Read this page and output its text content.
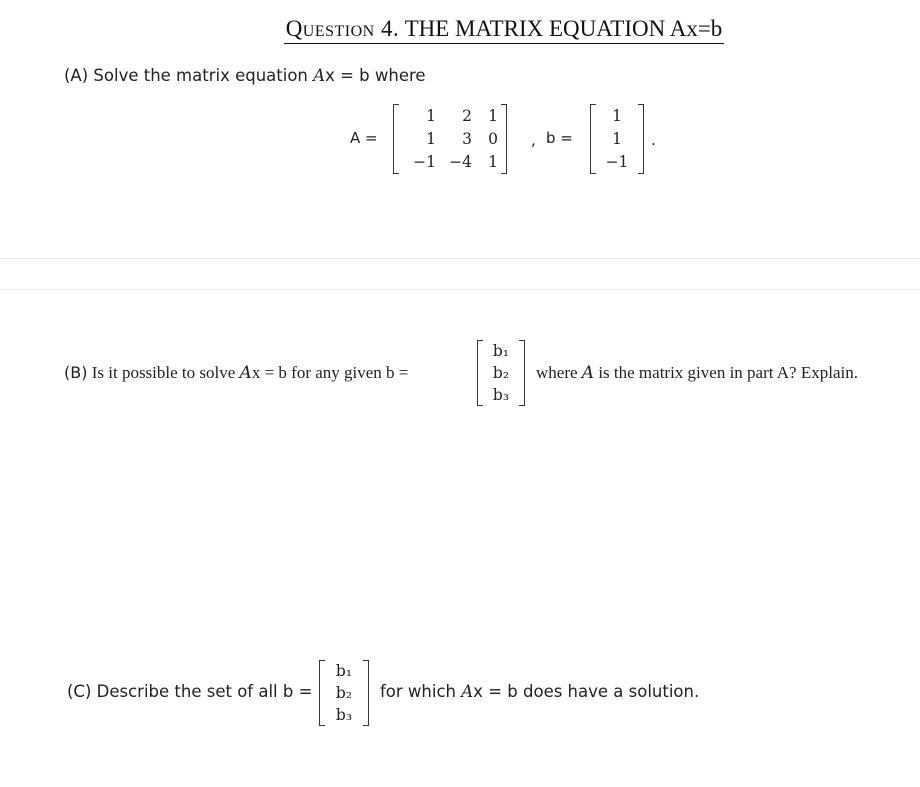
Question 4. THE MATRIX EQUATION Ax=b
(A) Solve the matrix equation Ax = b where
A =
1	2	1
1	3	0
−1 −4	1
, b =
1
1
−1
.
(B) Is it possible to solve Ax = b for any given b =
b₁
b₂
b₃
where A is the matrix given in part A? Explain.
(C) Describe the set of all b =
b₁
b₂
b₃
for which Ax = b does have a solution.
